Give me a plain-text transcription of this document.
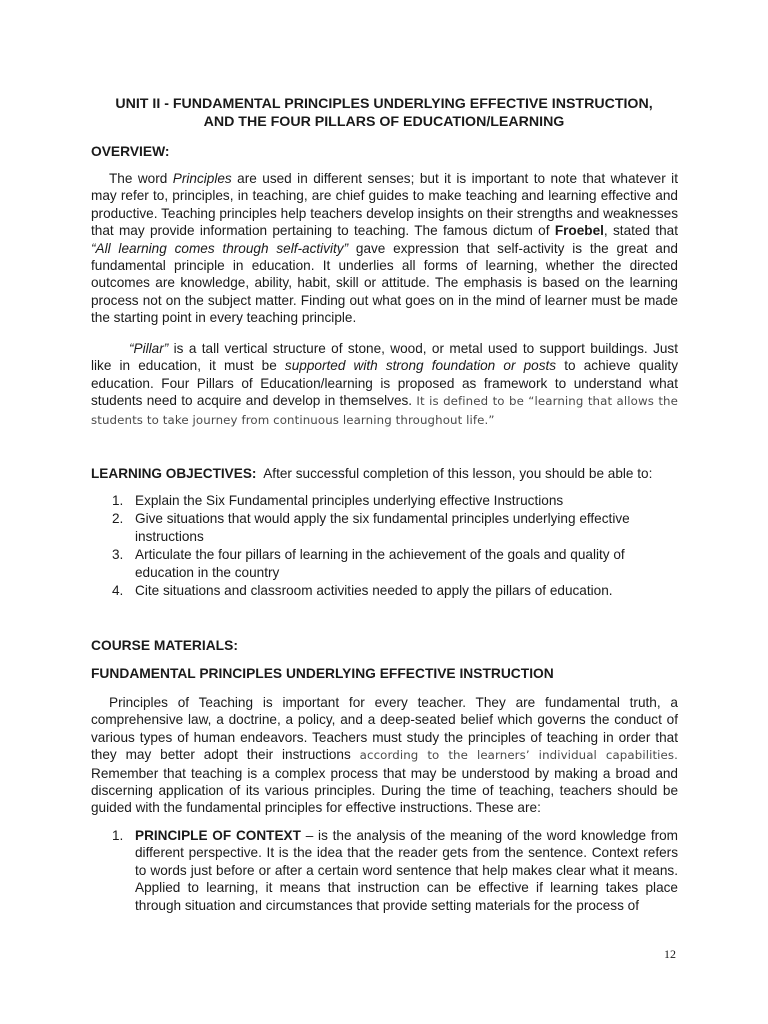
UNIT II - FUNDAMENTAL PRINCIPLES UNDERLYING EFFECTIVE INSTRUCTION,
AND THE FOUR PILLARS OF EDUCATION/LEARNING
OVERVIEW:
The word Principles are used in different senses; but it is important to note that whatever it may refer to, principles, in teaching, are chief guides to make teaching and learning effective and productive. Teaching principles help teachers develop insights on their strengths and weaknesses that may provide information pertaining to teaching. The famous dictum of Froebel, stated that “All learning comes through self-activity” gave expression that self-activity is the great and fundamental principle in education. It underlies all forms of learning, whether the directed outcomes are knowledge, ability, habit, skill or attitude. The emphasis is based on the learning process not on the subject matter. Finding out what goes on in the mind of learner must be made the starting point in every teaching principle.
“Pillar” is a tall vertical structure of stone, wood, or metal used to support buildings. Just like in education, it must be supported with strong foundation or posts to achieve quality education. Four Pillars of Education/learning is proposed as framework to understand what students need to acquire and develop in themselves. It is defined to be “learning that allows the students to take journey from continuous learning throughout life.”
LEARNING OBJECTIVES: After successful completion of this lesson, you should be able to:
1. Explain the Six Fundamental principles underlying effective Instructions
2. Give situations that would apply the six fundamental principles underlying effective instructions
3. Articulate the four pillars of learning in the achievement of the goals and quality of education in the country
4. Cite situations and classroom activities needed to apply the pillars of education.
COURSE MATERIALS:
FUNDAMENTAL PRINCIPLES UNDERLYING EFFECTIVE INSTRUCTION
Principles of Teaching is important for every teacher. They are fundamental truth, a comprehensive law, a doctrine, a policy, and a deep-seated belief which governs the conduct of various types of human endeavors. Teachers must study the principles of teaching in order that they may better adopt their instructions according to the learners’ individual capabilities. Remember that teaching is a complex process that may be understood by making a broad and discerning application of its various principles. During the time of teaching, teachers should be guided with the fundamental principles for effective instructions. These are:
1. PRINCIPLE OF CONTEXT – is the analysis of the meaning of the word knowledge from different perspective. It is the idea that the reader gets from the sentence. Context refers to words just before or after a certain word sentence that help makes clear what it means. Applied to learning, it means that instruction can be effective if learning takes place through situation and circumstances that provide setting materials for the process of
12
